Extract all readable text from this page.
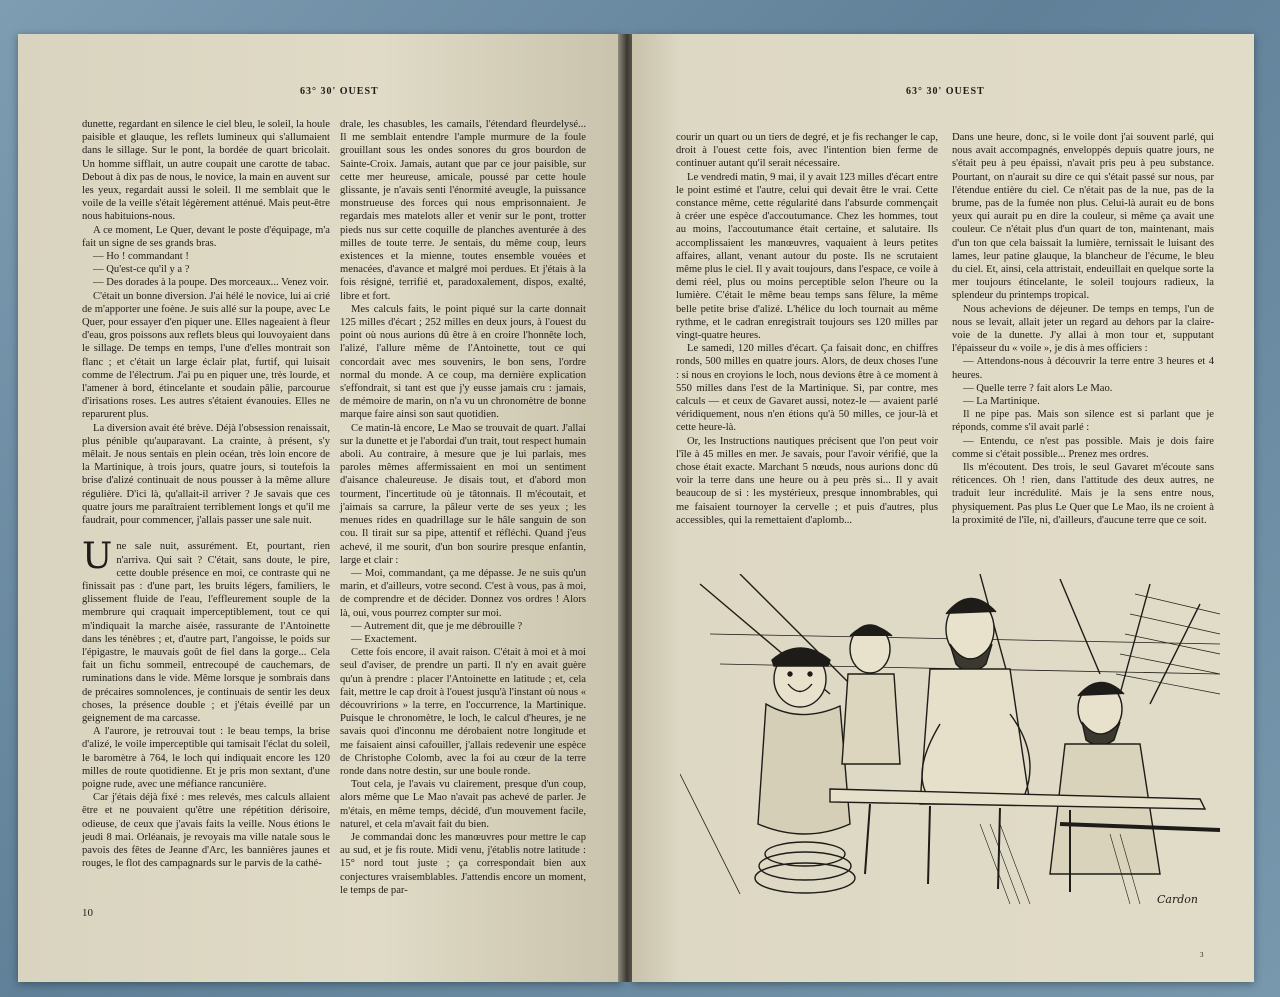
63° 30' OUEST

dunette, regardant en silence le ciel bleu, le soleil, la houle paisible et glauque, les reflets lumineux qui s'allumaient dans le sillage. Sur le pont, la bordée de quart bricolait. Un homme sifflait, un autre coupait une carotte de tabac. Debout à dix pas de nous, le novice, la main en auvent sur les yeux, regardait aussi le soleil. Il me semblait que le voile de la veille s'était légèrement atténué. Mais peut-être nous habituions-nous.

A ce moment, Le Quer, devant le poste d'équipage, m'a fait un signe de ses grands bras.

— Ho ! commandant !

— Qu'est-ce qu'il y a ?

— Des dorades à la poupe. Des morceaux... Venez voir.

C'était un bonne diversion. J'ai hélé le novice, lui ai crié de m'apporter une foène. Je suis allé sur la poupe, avec Le Quer, pour essayer d'en piquer une. Elles nageaient à fleur d'eau, gros poissons aux reflets bleus qui louvoyaient dans le sillage. De temps en temps, l'une d'elles montrait son flanc ; et c'était un large éclair plat, furtif, qui luisait comme de l'électrum. J'ai pu en piquer une, très lourde, et l'amener à bord, étincelante et soudain pâlie, parcourue d'irisations roses. Les autres s'étaient évanouies. Elles ne reparurent plus.

La diversion avait été brève. Déjà l'obsession renaissait, plus pénible qu'auparavant. La crainte, à présent, s'y mêlait. Je nous sentais en plein océan, très loin encore de la Martinique, à trois jours, quatre jours, si toutefois la brise d'alizé continuait de nous pousser à la même allure régulière. D'ici là, qu'allait-il arriver ? Je savais que ces quatre jours me paraîtraient terriblement longs et qu'il me faudrait, pour commencer, j'allais passer une sale nuit.

Une sale nuit, assurément. Et, pourtant, rien n'arriva. Qui sait ? C'était, sans doute, le pire, cette double présence en moi, ce contraste qui ne finissait pas : d'une part, les bruits légers, familiers, le glissement fluide de l'eau, l'effleurement souple de la membrure qui craquait imperceptiblement, tout ce qui m'indiquait la marche aisée, rassurante de l'Antoinette dans les ténèbres ; et, d'autre part, l'angoisse, le poids sur l'épigastre, le mauvais goût de fiel dans la gorge... Cela fait un fichu sommeil, entrecoupé de cauchemars, de ruminations dans le vide. Même lorsque je sombrais dans de précaires somnolences, je continuais de sentir les deux choses, la présence double ; et j'étais éveillé par un geignement de ma carcasse.

A l'aurore, je retrouvai tout : le beau temps, la brise d'alizé, le voile imperceptible qui tamisait l'éclat du soleil, le baromètre à 764, le loch qui indiquait encore les 120 milles de route quotidienne. Et je pris mon sextant, d'une poigne rude, avec une méfiance rancunière.

Car j'étais déjà fixé : mes relevés, mes calculs allaient être et ne pouvaient qu'être une répétition dérisoire, odieuse, de ceux que j'avais faits la veille. Nous étions le jeudi 8 mai. Orléanais, je revoyais ma ville natale sous le pavois des fêtes de Jeanne d'Arc, les bannières jaunes et rouges, le flot des campagnards sur le parvis de la cathé-

drale, les chasubles, les camails, l'étendard fleurdelysé... Il me semblait entendre l'ample murmure de la foule grouillant sous les ondes sonores du gros bourdon de Sainte-Croix. Jamais, autant que par ce jour paisible, sur cette mer heureuse, amicale, poussé par cette houle glissante, je n'avais senti l'énormité aveugle, la puissance monstrueuse des forces qui nous emprisonnaient. Je regardais mes matelots aller et venir sur le pont, trotter pieds nus sur cette coquille de planches aventurée à des milles de toute terre. Je sentais, du même coup, leurs existences et la mienne, toutes ensemble vouées et menacées, d'avance et malgré moi perdues. Et j'étais à la fois résigné, terrifié et, paradoxalement, dispos, exalté, libre et fort.

Mes calculs faits, le point piqué sur la carte donnait 125 milles d'écart ; 252 milles en deux jours, à l'ouest du point où nous aurions dû être à en croire l'honnête loch, l'alizé, l'allure même de l'Antoinette, tout ce qui concordait avec mes souvenirs, le bon sens, l'ordre normal du monde. A ce coup, ma dernière explication s'effondrait, si tant est que j'y eusse jamais cru : jamais, de mémoire de marin, on n'a vu un chronomètre de bonne marque faire ainsi son saut quotidien.

Ce matin-là encore, Le Mao se trouvait de quart. J'allai sur la dunette et je l'abordai d'un trait, tout respect humain aboli. Au contraire, à mesure que je lui parlais, mes paroles mêmes affermissaient en moi un sentiment d'aisance chaleureuse. Je disais tout, et d'abord mon tourment, l'incertitude où je tâtonnais. Il m'écoutait, et j'aimais sa carrure, la pâleur verte de ses yeux ; les menues rides en quadrillage sur le hâle sanguin de son cou. Il tirait sur sa pipe, attentif et réfléchi. Quand j'eus achevé, il me sourit, d'un bon sourire presque enfantin, large et clair :

— Moi, commandant, ça me dépasse. Je ne suis qu'un marin, et d'ailleurs, votre second. C'est à vous, pas à moi, de comprendre et de décider. Donnez vos ordres ! Alors là, oui, vous pourrez compter sur moi.

— Autrement dit, que je me débrouille ?

— Exactement.

Cette fois encore, il avait raison. C'était à moi et à moi seul d'aviser, de prendre un parti. Il n'y en avait guère qu'un à prendre : placer l'Antoinette en latitude ; et, cela fait, mettre le cap droit à l'ouest jusqu'à l'instant où nous « découvririons » la terre, en l'occurrence, la Martinique. Puisque le chronomètre, le loch, le calcul d'heures, je ne savais quoi d'inconnu me dérobaient notre longitude et me faisaient ainsi cafouiller, j'allais redevenir une espèce de Christophe Colomb, avec la foi au cœur de la terre ronde dans notre destin, sur une boule ronde.

Tout cela, je l'avais vu clairement, presque d'un coup, alors même que Le Mao n'avait pas achevé de parler. Je m'étais, en même temps, décidé, d'un mouvement facile, naturel, et cela m'avait fait du bien.

Je commandai donc les manœuvres pour mettre le cap au sud, et je fis route. Midi venu, j'établis notre latitude : 15° nord tout juste ; ça correspondait bien aux conjectures vraisemblables. J'attendis encore un moment, le temps de par-

10
63° 30' OUEST

courir un quart ou un tiers de degré, et je fis rechanger le cap, droit à l'ouest cette fois, avec l'intention bien ferme de continuer autant qu'il serait nécessaire.

Le vendredi matin, 9 mai, il y avait 123 milles d'écart entre le point estimé et l'autre, celui qui devait être le vrai. Cette constance même, cette régularité dans l'absurde commençait à créer une espèce d'accoutumance. Chez les hommes, tout au moins, l'accoutumance était certaine, et salutaire. Ils accomplissaient les manœuvres, vaquaient à leurs petites affaires, allant, venant autour du poste. Ils ne scrutaient même plus le ciel. Il y avait toujours, dans l'espace, ce voile à demi réel, plus ou moins perceptible selon l'heure ou la lumière. C'était le même beau temps sans fêlure, la même belle petite brise d'alizé. L'hélice du loch tournait au même rythme, et le cadran enregistrait toujours ses 120 milles par vingt-quatre heures.

Le samedi, 120 milles d'écart. Ça faisait donc, en chiffres ronds, 500 milles en quatre jours. Alors, de deux choses l'une : si nous en croyions le loch, nous devions être à ce moment à 550 milles dans l'est de la Martinique. Si, par contre, mes calculs — et ceux de Gavaret aussi, notez-le — avaient parlé véridiquement, nous n'en étions qu'à 50 milles, ce jour-là et cette heure-là.

Or, les Instructions nautiques précisent que l'on peut voir l'île à 45 milles en mer. Je savais, pour l'avoir vérifié, que la chose était exacte. Marchant 5 nœuds, nous aurions donc dû voir la terre dans une heure ou à peu près si... Il y avait beaucoup de si : les mystérieux, presque innombrables, qui me faisaient tournoyer la cervelle ; et puis d'autres, plus accessibles, qui la remettaient d'aplomb...

Dans une heure, donc, si le voile dont j'ai souvent parlé, qui nous avait accompagnés, enveloppés depuis quatre jours, ne s'était peu à peu épaissi, n'avait pris peu à peu substance. Pourtant, on n'aurait su dire ce qui s'était passé sur nous, par l'étendue entière du ciel. Ce n'était pas de la nue, pas de la brume, pas de la fumée non plus. Celui-là aurait eu de bons yeux qui aurait pu en dire la couleur, si même ça avait une couleur. Ce n'était plus d'un quart de ton, maintenant, mais d'un ton que cela baissait la lumière, ternissait le luisant des lames, leur patine glauque, la blancheur de l'écume, le bleu du ciel. Et, ainsi, cela attristait, endeuillait en quelque sorte la mer toujours étincelante, le soleil toujours radieux, la splendeur du printemps tropical.

Nous achevions de déjeuner. De temps en temps, l'un de nous se levait, allait jeter un regard au dehors par la claire-voie de la dunette. J'y allai à mon tour et, supputant l'épaisseur du « voile », je dis à mes officiers :

— Attendons-nous à découvrir la terre entre 3 heures et 4 heures.

— Quelle terre ? fait alors Le Mao.

— La Martinique.

Il ne pipe pas. Mais son silence est si parlant que je réponds, comme s'il avait parlé :

— Entendu, ce n'est pas possible. Mais je dois faire comme si c'était possible... Prenez mes ordres.

Ils m'écoutent. Des trois, le seul Gavaret m'écoute sans réticences. Oh ! rien, dans l'attitude des deux autres, ne traduit leur incrédulité. Mais je la sens entre nous, physiquement. Pas plus Le Quer que Le Mao, ils ne croient à la proximité de l'île, ni, d'ailleurs, d'aucune terre que ce soit.

Cardon
3
